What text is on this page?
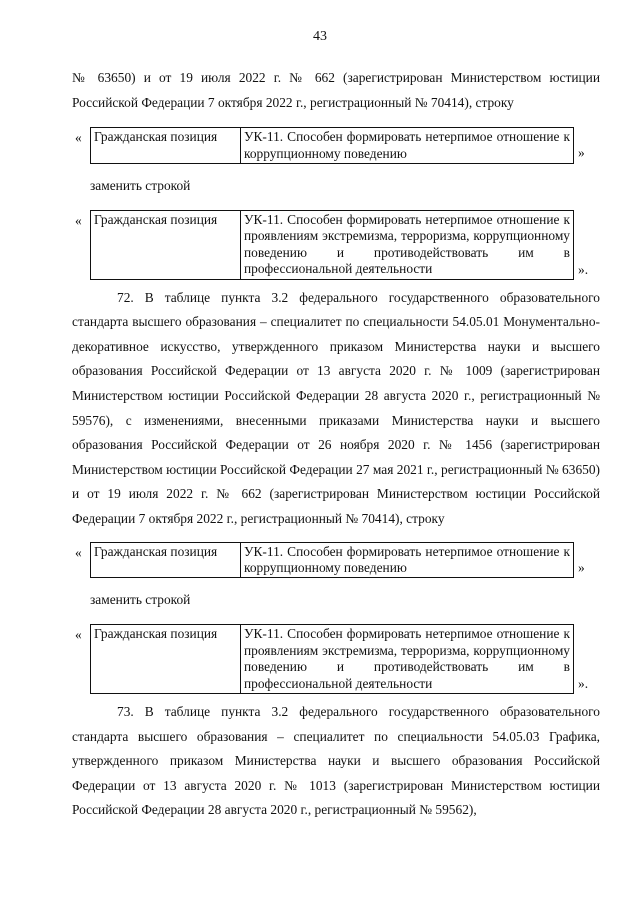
43

№ 63650) и от 19 июля 2022 г. № 662 (зарегистрирован Министерством юстиции Российской Федерации 7 октября 2022 г., регистрационный № 70414), строку

« Гражданская позиция	УК-11. Способен формировать нетерпимое отношение к коррупционному поведению	»
заменить строкой
« Гражданская позиция	УК-11. Способен формировать нетерпимое отношение к проявлениям экстремизма, терроризма, коррупционному поведению и противодействовать им в профессиональной деятельности	».

72. В таблице пункта 3.2 федерального государственного образовательного стандарта высшего образования – специалитет по специальности 54.05.01 Монументально-декоративное искусство, утвержденного приказом Министерства науки и высшего образования Российской Федерации от 13 августа 2020 г. № 1009 (зарегистрирован Министерством юстиции Российской Федерации 28 августа 2020 г., регистрационный № 59576), с изменениями, внесенными приказами Министерства науки и высшего образования Российской Федерации от 26 ноября 2020 г. № 1456 (зарегистрирован Министерством юстиции Российской Федерации 27 мая 2021 г., регистрационный № 63650) и от 19 июля 2022 г. № 662 (зарегистрирован Министерством юстиции Российской Федерации 7 октября 2022 г., регистрационный № 70414), строку

« Гражданская позиция	УК-11. Способен формировать нетерпимое отношение к коррупционному поведению	»
заменить строкой
« Гражданская позиция	УК-11. Способен формировать нетерпимое отношение к проявлениям экстремизма, терроризма, коррупционному поведению и противодействовать им в профессиональной деятельности	».

73. В таблице пункта 3.2 федерального государственного образовательного стандарта высшего образования – специалитет по специальности 54.05.03 Графика, утвержденного приказом Министерства науки и высшего образования Российской Федерации от 13 августа 2020 г. № 1013 (зарегистрирован Министерством юстиции Российской Федерации 28 августа 2020 г., регистрационный № 59562),
